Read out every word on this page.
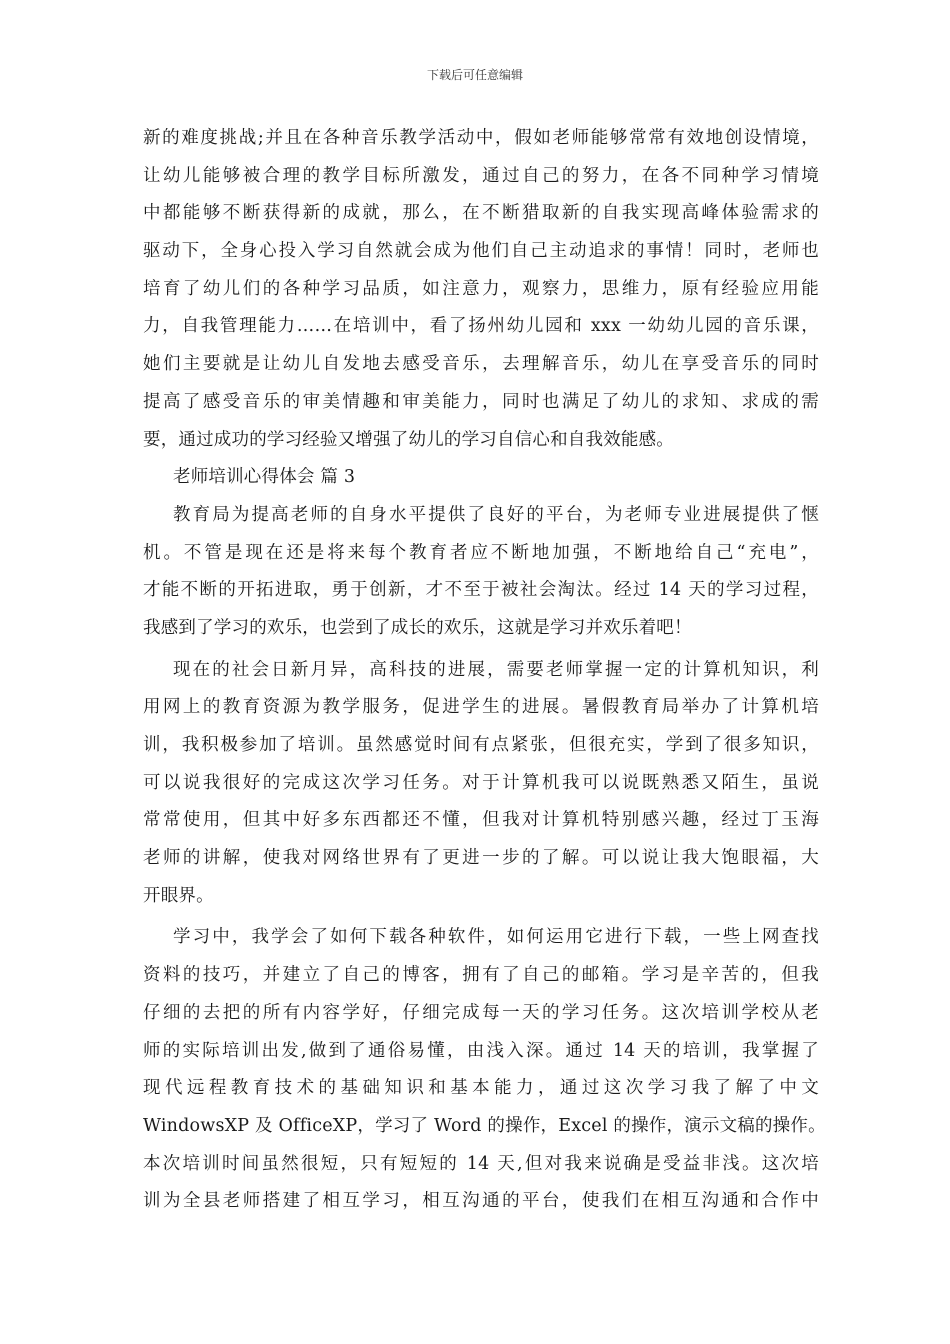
下载后可任意编辑
新的难度挑战;并且在各种音乐教学活动中，假如老师能够常常有效地创设情境，
让幼儿能够被合理的教学目标所激发，通过自己的努力，在各不同种学习情境
中都能够不断获得新的成就，那么，在不断猎取新的自我实现高峰体验需求的
驱动下，全身心投入学习自然就会成为他们自己主动追求的事情！同时，老师也
培育了幼儿们的各种学习品质，如注意力，观察力，思维力，原有经验应用能
力，自我管理能力……在培训中，看了扬州幼儿园和 xxx 一幼幼儿园的音乐课，
她们主要就是让幼儿自发地去感受音乐，去理解音乐，幼儿在享受音乐的同时
提高了感受音乐的审美情趣和审美能力，同时也满足了幼儿的求知、求成的需
要，通过成功的学习经验又增强了幼儿的学习自信心和自我效能感。
老师培训心得体会 篇 3
教育局为提高老师的自身水平提供了良好的平台，为老师专业进展提供了惬
机。不管是现在还是将来每个教育者应不断地加强，不断地给自己“充电”，
才能不断的开拓进取，勇于创新，才不至于被社会淘汰。经过 14 天的学习过程，
我感到了学习的欢乐，也尝到了成长的欢乐，这就是学习并欢乐着吧！
现在的社会日新月异，高科技的进展，需要老师掌握一定的计算机知识，利
用网上的教育资源为教学服务，促进学生的进展。暑假教育局举办了计算机培
训，我积极参加了培训。虽然感觉时间有点紧张，但很充实，学到了很多知识，
可以说我很好的完成这次学习任务。对于计算机我可以说既熟悉又陌生，虽说
常常使用，但其中好多东西都还不懂，但我对计算机特别感兴趣，经过丁玉海
老师的讲解，使我对网络世界有了更进一步的了解。可以说让我大饱眼福，大
开眼界。
学习中，我学会了如何下载各种软件，如何运用它进行下载，一些上网查找
资料的技巧，并建立了自己的博客，拥有了自己的邮箱。学习是辛苦的，但我
仔细的去把的所有内容学好，仔细完成每一天的学习任务。这次培训学校从老
师的实际培训出发,做到了通俗易懂，由浅入深。通过 14 天的培训，我掌握了
现代远程教育技术的基础知识和基本能力，通过这次学习我了解了中文
WindowsXP 及 OfficeXP，学习了 Word 的操作，Excel 的操作，演示文稿的操作。
本次培训时间虽然很短，只有短短的 14 天,但对我来说确是受益非浅。这次培
训为全县老师搭建了相互学习，相互沟通的平台，使我们在相互沟通和合作中
